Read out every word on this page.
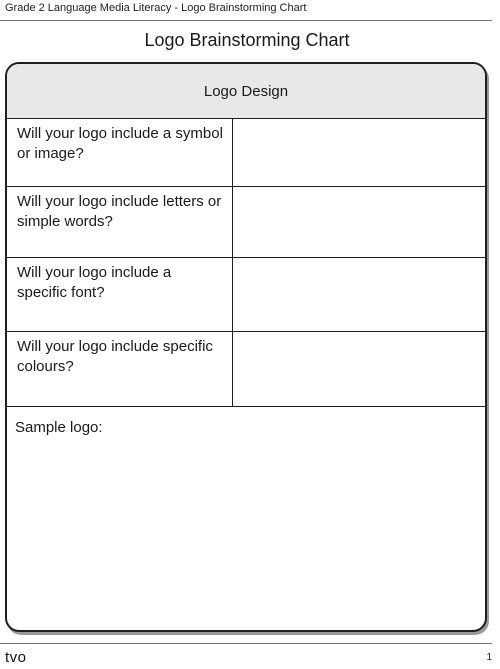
Grade 2 Language Media Literacy - Logo Brainstorming Chart
Logo Brainstorming Chart
Logo Design
Will your logo include a symbol or image?
Will your logo include letters or simple words?
Will your logo include a specific font?
Will your logo include specific colours?
Sample logo:
tvo	1
